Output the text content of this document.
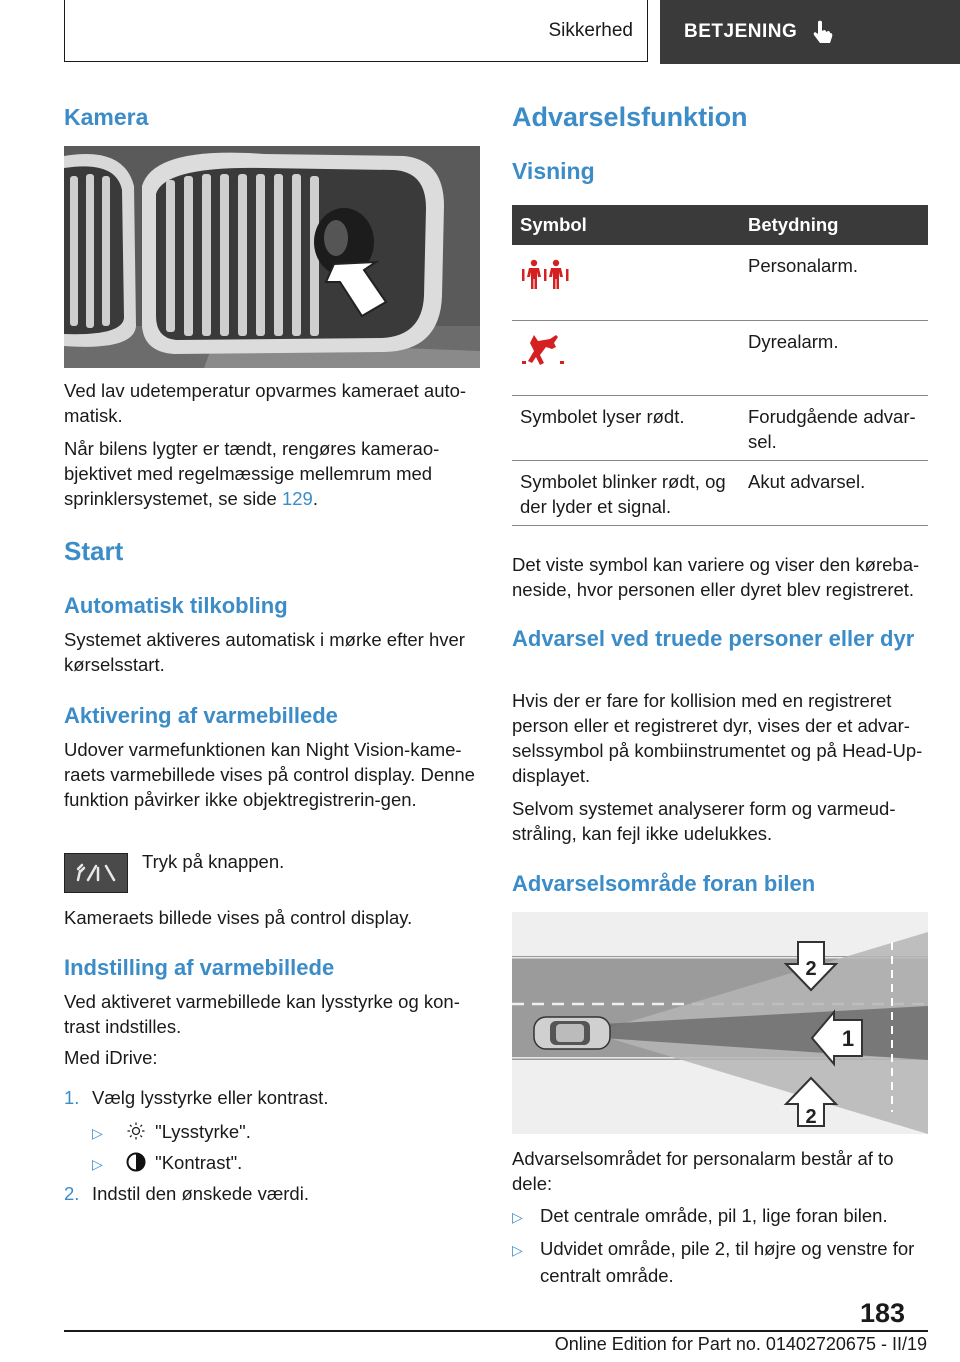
Sikkerhed	BETJENING
Kamera

Ved lav udetemperatur opvarmes kameraet auto-matisk.

Når bilens lygter er tændt, rengøres kamerao-bjektivet med regelmæssige mellemrum med sprinklersystemet, se side 129.

Start
Automatisk tilkobling

Systemet aktiveres automatisk i mørke efter hver kørselsstart.

Aktivering af varmebillede

Udover varmefunktionen kan Night Vision-kame-raets varmebillede vises på control display. Denne funktion påvirker ikke objektregistrerin-gen.

Tryk på knappen.

Kameraets billede vises på control display.

Indstilling af varmebillede

Ved aktiveret varmebillede kan lysstyrke og kon-trast indstilles.

Med iDrive:

1. Vælg lysstyrke eller kontrast.
▷	"Lysstyrke".
▷	"Kontrast".
2. Indstil den ønskede værdi.
Advarselsfunktion
Visning
Symbol	Betydning
	Personalarm.
	Dyrealarm.
Symbolet lyser rødt.	Forudgående advar-sel.
Symbolet blinker rødt, og der lyder et signal.	Akut advarsel.

Det viste symbol kan variere og viser den køreba-neside, hvor personen eller dyret blev registreret.

Advarsel ved truede personer eller dyr

Hvis der er fare for kollision med en registreret person eller et registreret dyr, vises der et advar-selssymbol på kombiinstrumentet og på Head-Up-displayet.

Selvom systemet analyserer form og varmeud-stråling, kan fejl ikke udelukkes.

Advarselsområde foran bilen
2
1
2

Advarselsområdet for personalarm består af to dele:

▷ Det centrale område, pil 1, lige foran bilen.
▷ Udvidet område, pile 2, til højre og venstre for centralt område.
183
Online Edition for Part no. 01402720675 - II/19
